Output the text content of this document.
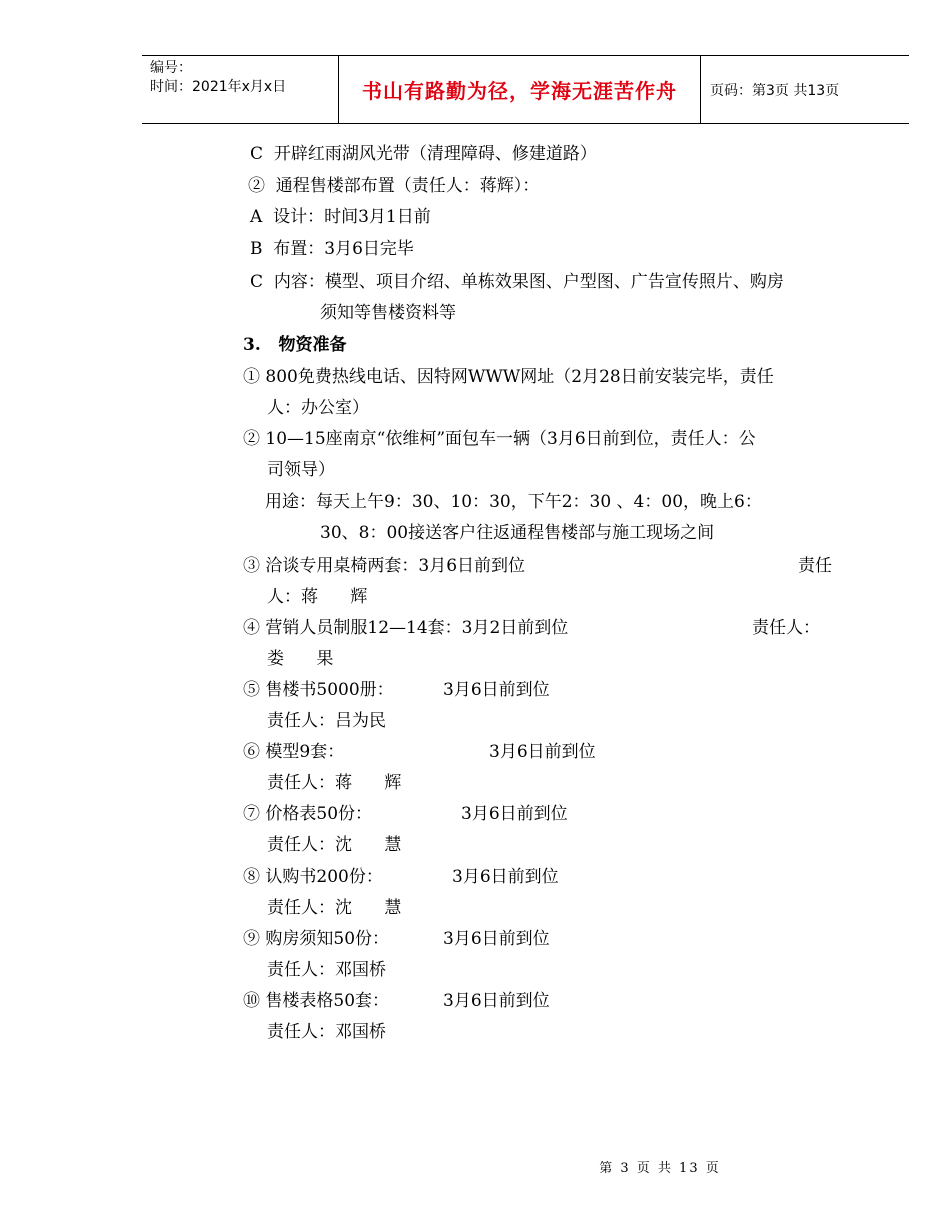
编号：
时间：2021年x月x日	书山有路勤为径，学海无涯苦作舟	页码：第3页 共13页
C  开辟红雨湖风光带（清理障碍、修建道路）
②  通程售楼部布置（责任人：蒋辉）：
A  设计：时间3月1日前
B  布置：3月6日完毕
C  内容：模型、项目介绍、单栋效果图、户型图、广告宣传照片、购房
须知等售楼资料等
3.   物资准备
① 800免费热线电话、因特网WWW网址（2月28日前安装完毕，责任
人：办公室）
② 10—15座南京“依维柯”面包车一辆（3月6日前到位，责任人：公
司领导）
用途：每天上午9：30、10：30，下午2：30 、4：00，晚上6：
30、8：00接送客户往返通程售楼部与施工现场之间
③ 洽谈专用桌椅两套：3月6日前到位	责任
人：蒋      辉
④ 营销人员制服12—14套：3月2日前到位	责任人：
娄      果
⑤ 售楼书5000册：	3月6日前到位
责任人：吕为民
⑥ 模型9套：	3月6日前到位
责任人：蒋      辉
⑦ 价格表50份：	3月6日前到位
责任人：沈      慧
⑧ 认购书200份：	3月6日前到位
责任人：沈      慧
⑨ 购房须知50份：	3月6日前到位
责任人：邓国桥
⑩ 售楼表格50套：	3月6日前到位
责任人：邓国桥
第 3 页 共 13 页
